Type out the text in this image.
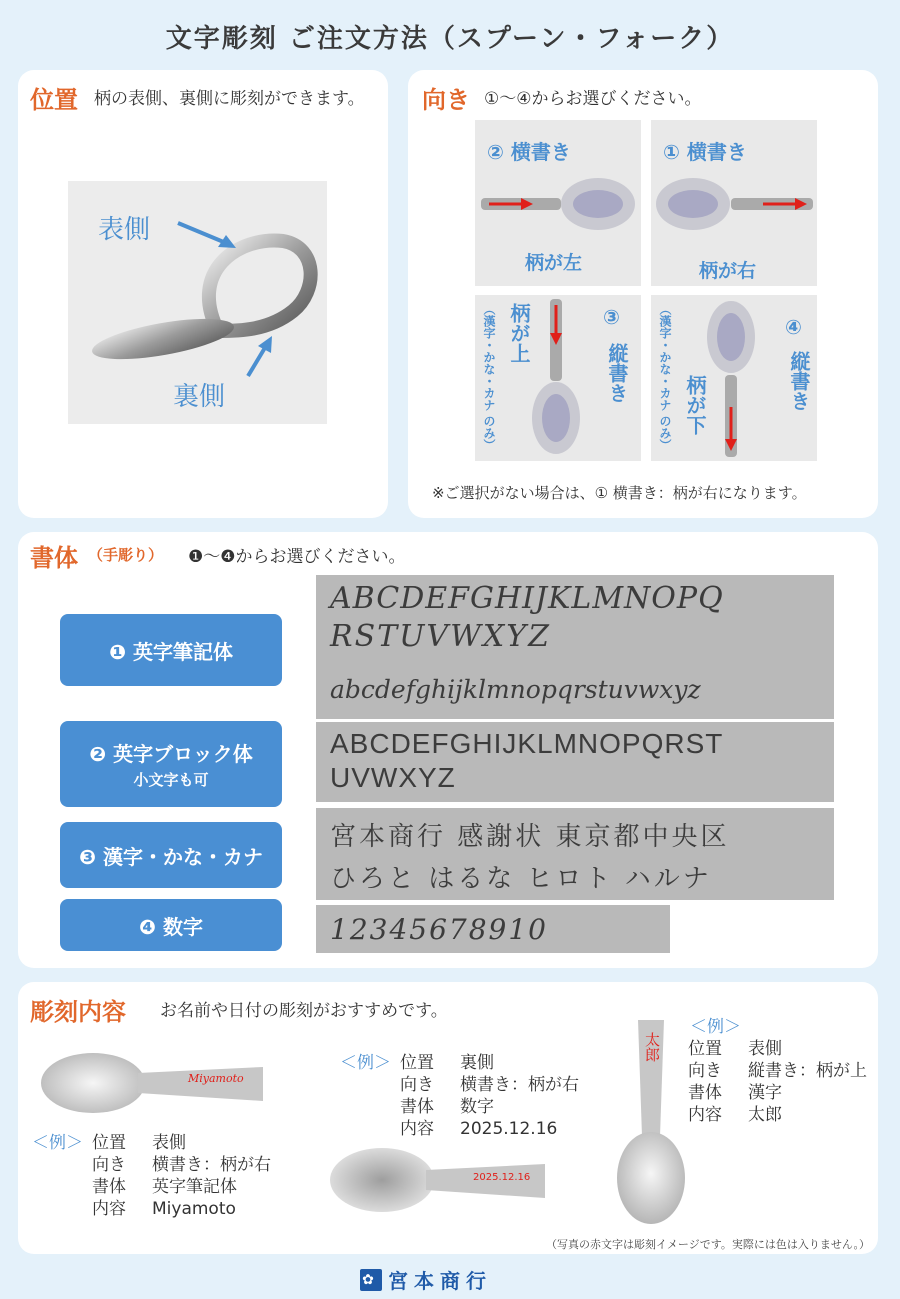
文字彫刻 ご注文方法（スプーン・フォーク）
位置 柄の表側、裏側に彫刻ができます。
表側
裏側
向き ①～④からお選びください。
② 横書き
柄が左
① 横書き
柄が右
（漢字・かな・カナ のみ） 柄が上	③
縦書き （漢字・かな・カナ のみ） 柄が下
④
縦書き
※ご選択がない場合は、① 横書き：柄が右になります。
書体 （手彫り） ❶～❹からお選びください。
❶ 英字筆記体
❷ 英字ブロック体
小文字も可
❸ 漢字・かな・カナ
❹ 数字
ABCDEFGHIJKLMNOPQ
RSTUVWXYZ
abcdefghijklmnopqrstuvwxyz
ABCDEFGHIJKLMNOPQRST
UVWXYZ
宮本商行 感謝状 東京都中央区
ひろと はるな ヒロト ハルナ
12345678910
彫刻内容 お名前や日付の彫刻がおすすめです。
Miyamoto
＜例＞ 位置	表側
向き	横書き：柄が右
書体	英字筆記体
内容	Miyamoto
＜例＞ 位置	裏側
向き	横書き：柄が右
書体	数字
内容	2025.12.16
2025.12.16
太郎
＜例＞
位置	表側
向き	縦書き：柄が上
書体	漢字
内容	太郎
（写真の赤文字は彫刻イメージです。実際には色は入りません。）
✿ 宮本商行
